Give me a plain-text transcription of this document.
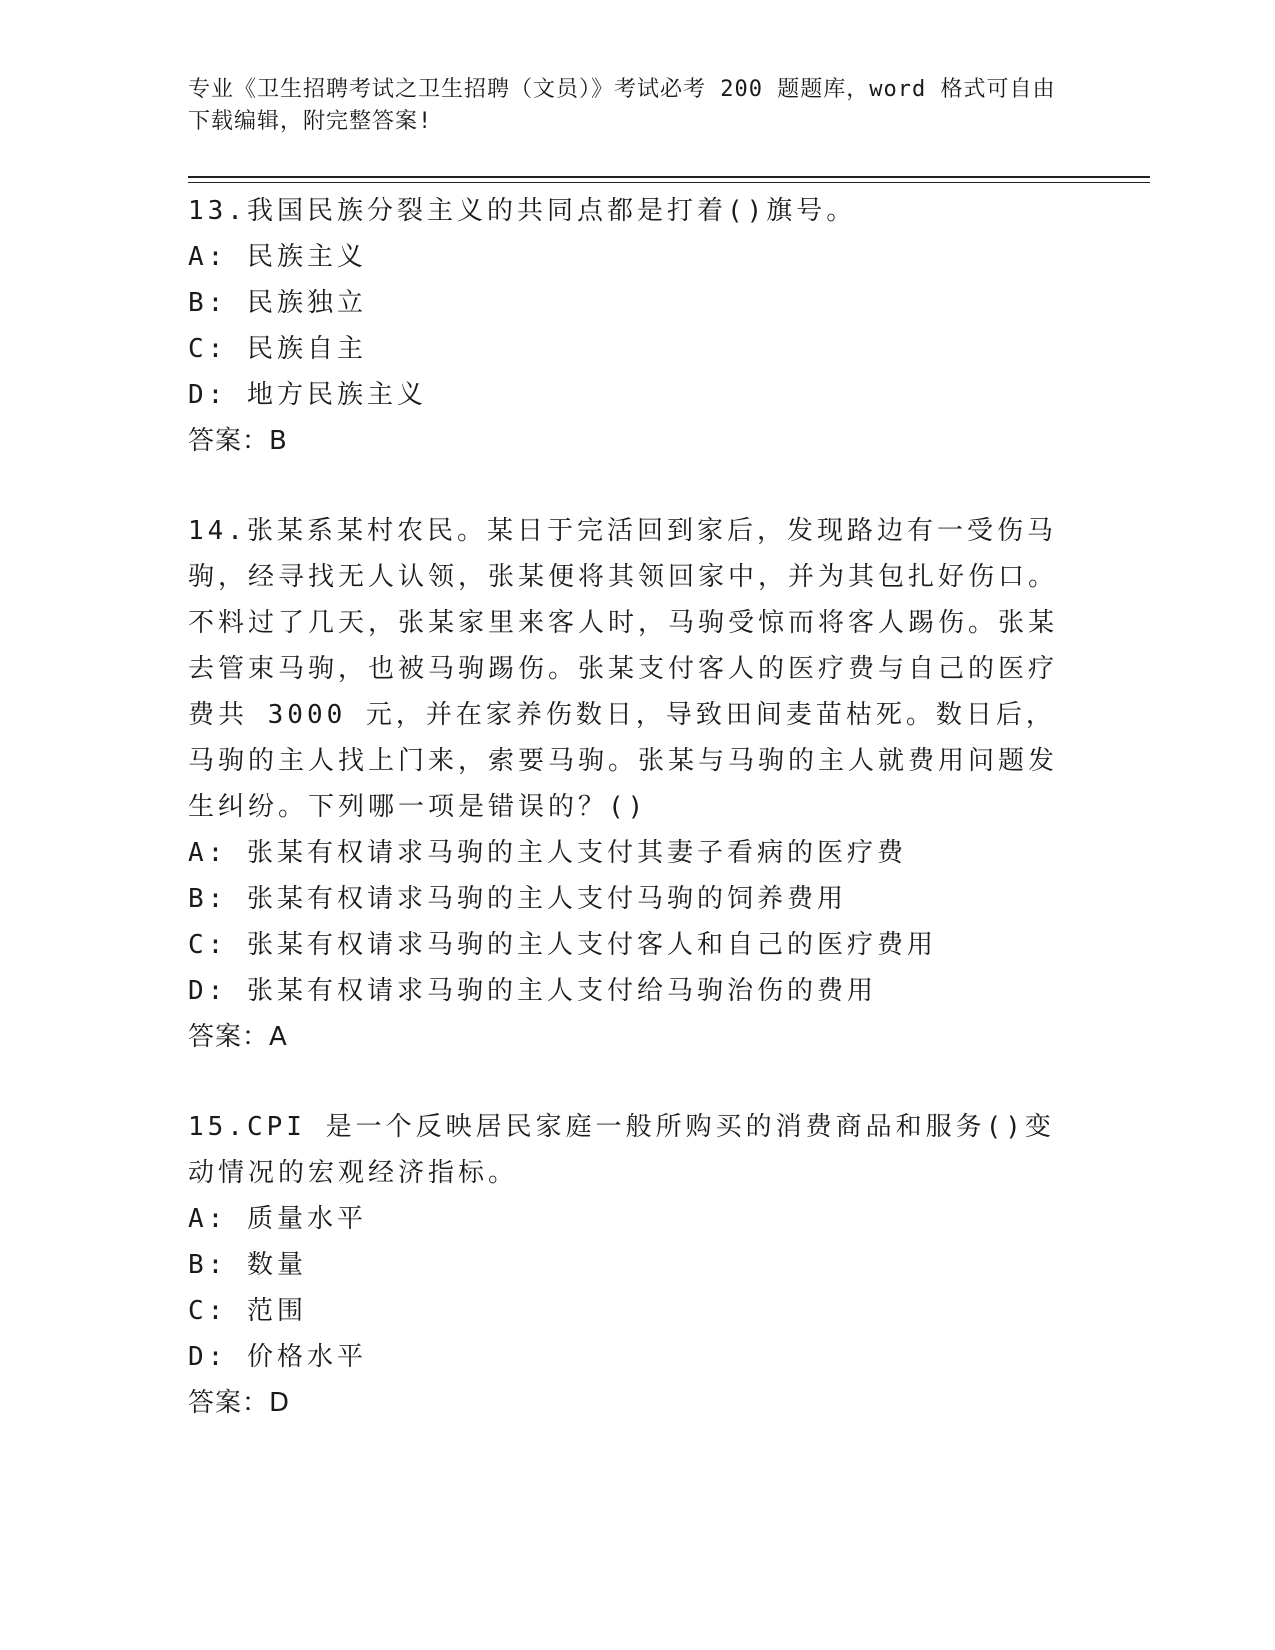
专业《卫生招聘考试之卫生招聘（文员）》考试必考 200 题题库，word 格式可自由下载编辑，附完整答案!

13.我国民族分裂主义的共同点都是打着()旗号。

A: 民族主义

B: 民族独立

C: 民族自主

D: 地方民族主义

答案：B

14.张某系某村农民。某日于完活回到家后，发现路边有一受伤马驹，经寻找无人认领，张某便将其领回家中，并为其包扎好伤口。不料过了几天，张某家里来客人时，马驹受惊而将客人踢伤。张某去管束马驹，也被马驹踢伤。张某支付客人的医疗费与自己的医疗费共 3000 元，并在家养伤数日，导致田间麦苗枯死。数日后，马驹的主人找上门来，索要马驹。张某与马驹的主人就费用问题发生纠纷。下列哪一项是错误的？()

A: 张某有权请求马驹的主人支付其妻子看病的医疗费

B: 张某有权请求马驹的主人支付马驹的饲养费用

C: 张某有权请求马驹的主人支付客人和自己的医疗费用

D: 张某有权请求马驹的主人支付给马驹治伤的费用

答案：A

15.CPI 是一个反映居民家庭一般所购买的消费商品和服务()变动情况的宏观经济指标。

A: 质量水平

B: 数量

C: 范围

D: 价格水平

答案：D
